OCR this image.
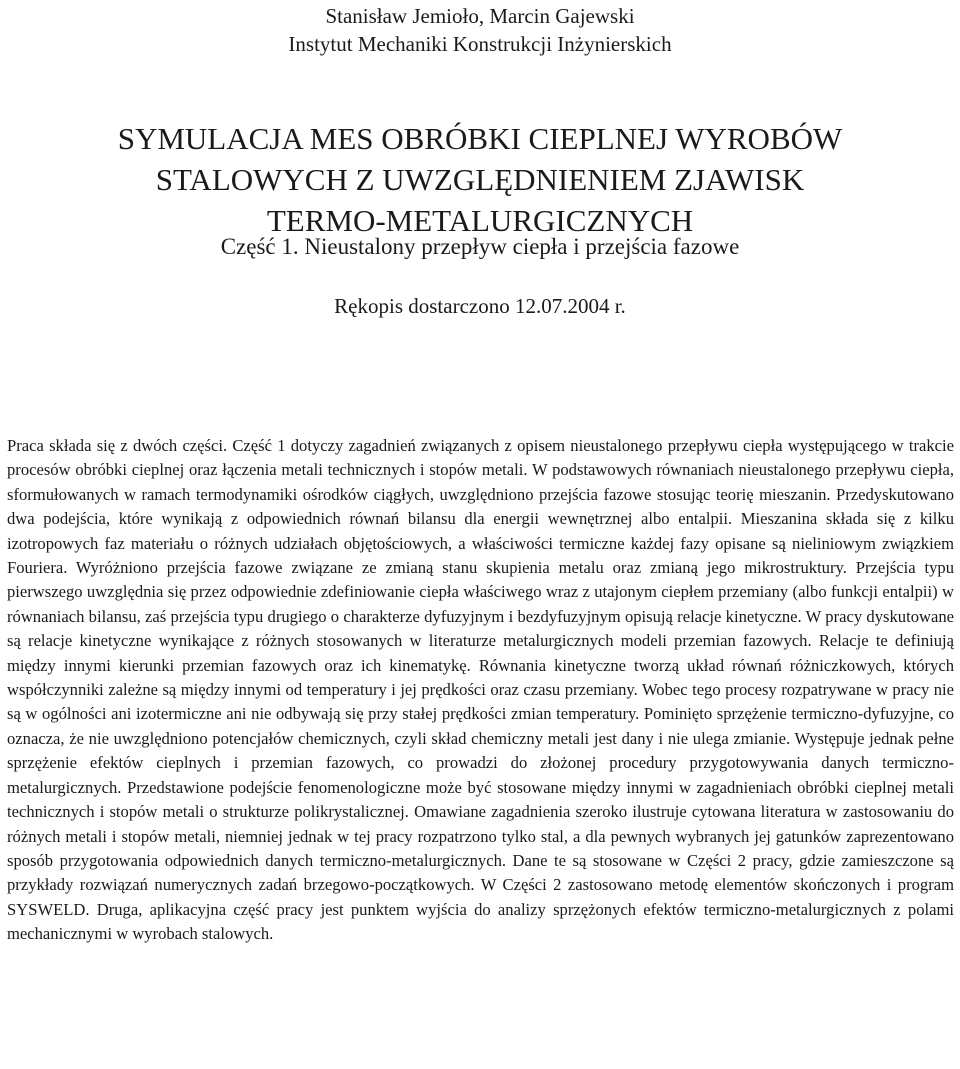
Stanisław Jemioło, Marcin Gajewski
Instytut Mechaniki Konstrukcji Inżynierskich
SYMULACJA MES OBRÓBKI CIEPLNEJ WYROBÓW
STALOWYCH Z UWZGLĘDNIENIEM ZJAWISK
TERMO-METALURGICZNYCH
Część 1. Nieustalony przepływ ciepła i przejścia fazowe
Rękopis dostarczono 12.07.2004 r.
Praca składa się z dwóch części. Część 1 dotyczy zagadnień związanych z opisem nieustalonego przepływu ciepła występującego w trakcie procesów obróbki cieplnej oraz łączenia metali technicznych i stopów metali. W podstawowych równaniach nieustalonego przepływu ciepła, sformułowanych w ramach termodynamiki ośrodków ciągłych, uwzględniono przejścia fazowe stosując teorię mieszanin. Przedyskutowano dwa podejścia, które wynikają z odpowiednich równań bilansu dla energii wewnętrznej albo entalpii. Mieszanina składa się z kilku izotropowych faz materiału o różnych udziałach objętościowych, a właściwości termiczne każdej fazy opisane są nieliniowym związkiem Fouriera. Wyróżniono przejścia fazowe związane ze zmianą stanu skupienia metalu oraz zmianą jego mikrostruktury. Przejścia typu pierwszego uwzględnia się przez odpowiednie zdefiniowanie ciepła właściwego wraz z utajonym ciepłem przemiany (albo funkcji entalpii) w równaniach bilansu, zaś przejścia typu drugiego o charakterze dyfuzyjnym i bezdyfuzyjnym opisują relacje kinetyczne. W pracy dyskutowane są relacje kinetyczne wynikające z różnych stosowanych w literaturze metalurgicznych modeli przemian fazowych. Relacje te definiują między innymi kierunki przemian fazowych oraz ich kinematykę. Równania kinetyczne tworzą układ równań różniczkowych, których współczynniki zależne są między innymi od temperatury i jej prędkości oraz czasu przemiany. Wobec tego procesy rozpatrywane w pracy nie są w ogólności ani izotermiczne ani nie odbywają się przy stałej prędkości zmian temperatury. Pominięto sprzężenie termiczno-dyfuzyjne, co oznacza, że nie uwzględniono potencjałów chemicznych, czyli skład chemiczny metali jest dany i nie ulega zmianie. Występuje jednak pełne sprzężenie efektów cieplnych i przemian fazowych, co prowadzi do złożonej procedury przygotowywania danych termiczno-metalurgicznych. Przedstawione podejście fenomenologiczne może być stosowane między innymi w zagadnieniach obróbki cieplnej metali technicznych i stopów metali o strukturze polikrystalicznej. Omawiane zagadnienia szeroko ilustruje cytowana literatura w zastosowaniu do różnych metali i stopów metali, niemniej jednak w tej pracy rozpatrzono tylko stal, a dla pewnych wybranych jej gatunków zaprezentowano sposób przygotowania odpowiednich danych termiczno-metalurgicznych. Dane te są stosowane w Części 2 pracy, gdzie zamieszczone są przykłady rozwiązań numerycznych zadań brzegowo-początkowych. W Części 2 zastosowano metodę elementów skończonych i program SYSWELD. Druga, aplikacyjna część pracy jest punktem wyjścia do analizy sprzężonych efektów termiczno-metalurgicznych z polami mechanicznymi w wyrobach stalowych.
